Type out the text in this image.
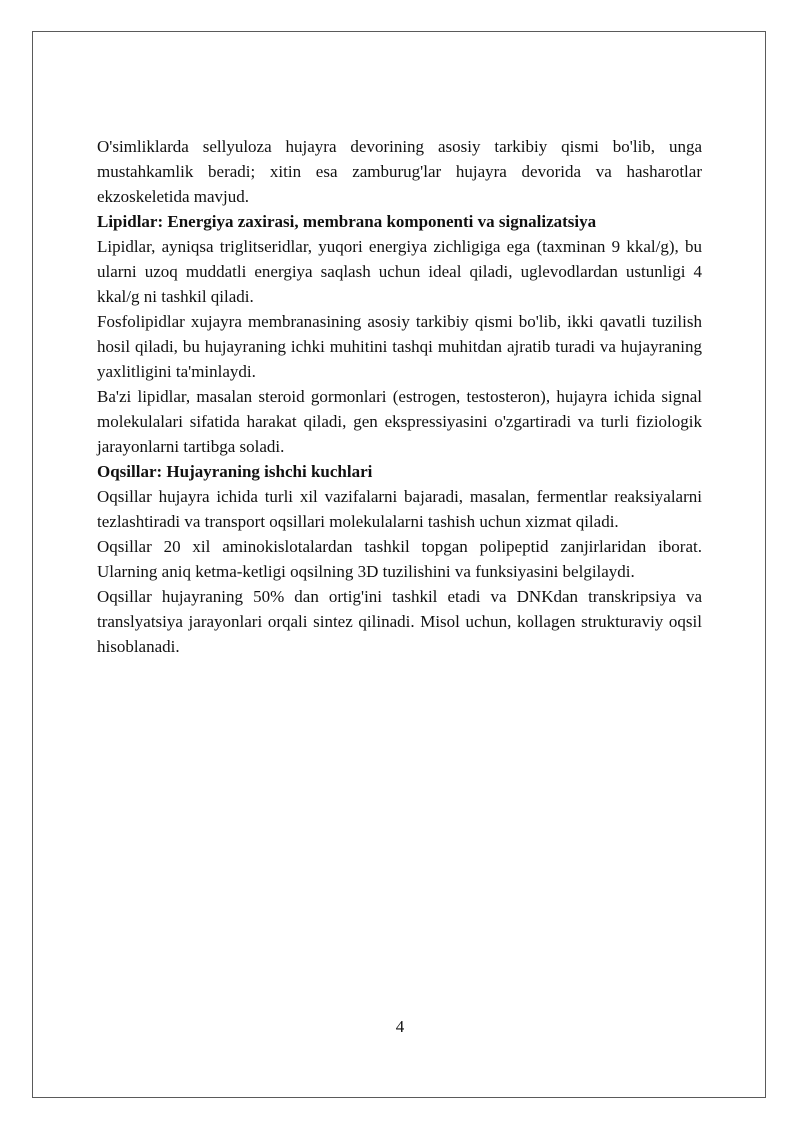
O'simliklarda sellyuloza hujayra devorining asosiy tarkibiy qismi bo'lib, unga mustahkamlik beradi; xitin esa zamburug'lar hujayra devorida va hasharotlar ekzoskeletida mavjud.

Lipidlar: Energiya zaxirasi, membrana komponenti va signalizatsiya

Lipidlar, ayniqsa triglitseridlar, yuqori energiya zichligiga ega (taxminan 9 kkal/g), bu ularni uzoq muddatli energiya saqlash uchun ideal qiladi, uglevodlardan ustunligi 4 kkal/g ni tashkil qiladi.

Fosfolipidlar xujayra membranasining asosiy tarkibiy qismi bo'lib, ikki qavatli tuzilish hosil qiladi, bu hujayraning ichki muhitini tashqi muhitdan ajratib turadi va hujayraning yaxlitligini ta'minlaydi.

Ba'zi lipidlar, masalan steroid gormonlari (estrogen, testosteron), hujayra ichida signal molekulalari sifatida harakat qiladi, gen ekspressiyasini o'zgartiradi va turli fiziologik jarayonlarni tartibga soladi.

Oqsillar: Hujayraning ishchi kuchlari

Oqsillar hujayra ichida turli xil vazifalarni bajaradi, masalan, fermentlar reaksiyalarni tezlashtiradi va transport oqsillari molekulalarni tashish uchun xizmat qiladi.

Oqsillar 20 xil aminokislotalardan tashkil topgan polipeptid zanjirlaridan iborat. Ularning aniq ketma-ketligi oqsilning 3D tuzilishini va funksiyasini belgilaydi.

Oqsillar hujayraning 50% dan ortig'ini tashkil etadi va DNKdan transkripsiya va translyatsiya jarayonlari orqali sintez qilinadi. Misol uchun, kollagen strukturaviy oqsil hisoblanadi.

4
